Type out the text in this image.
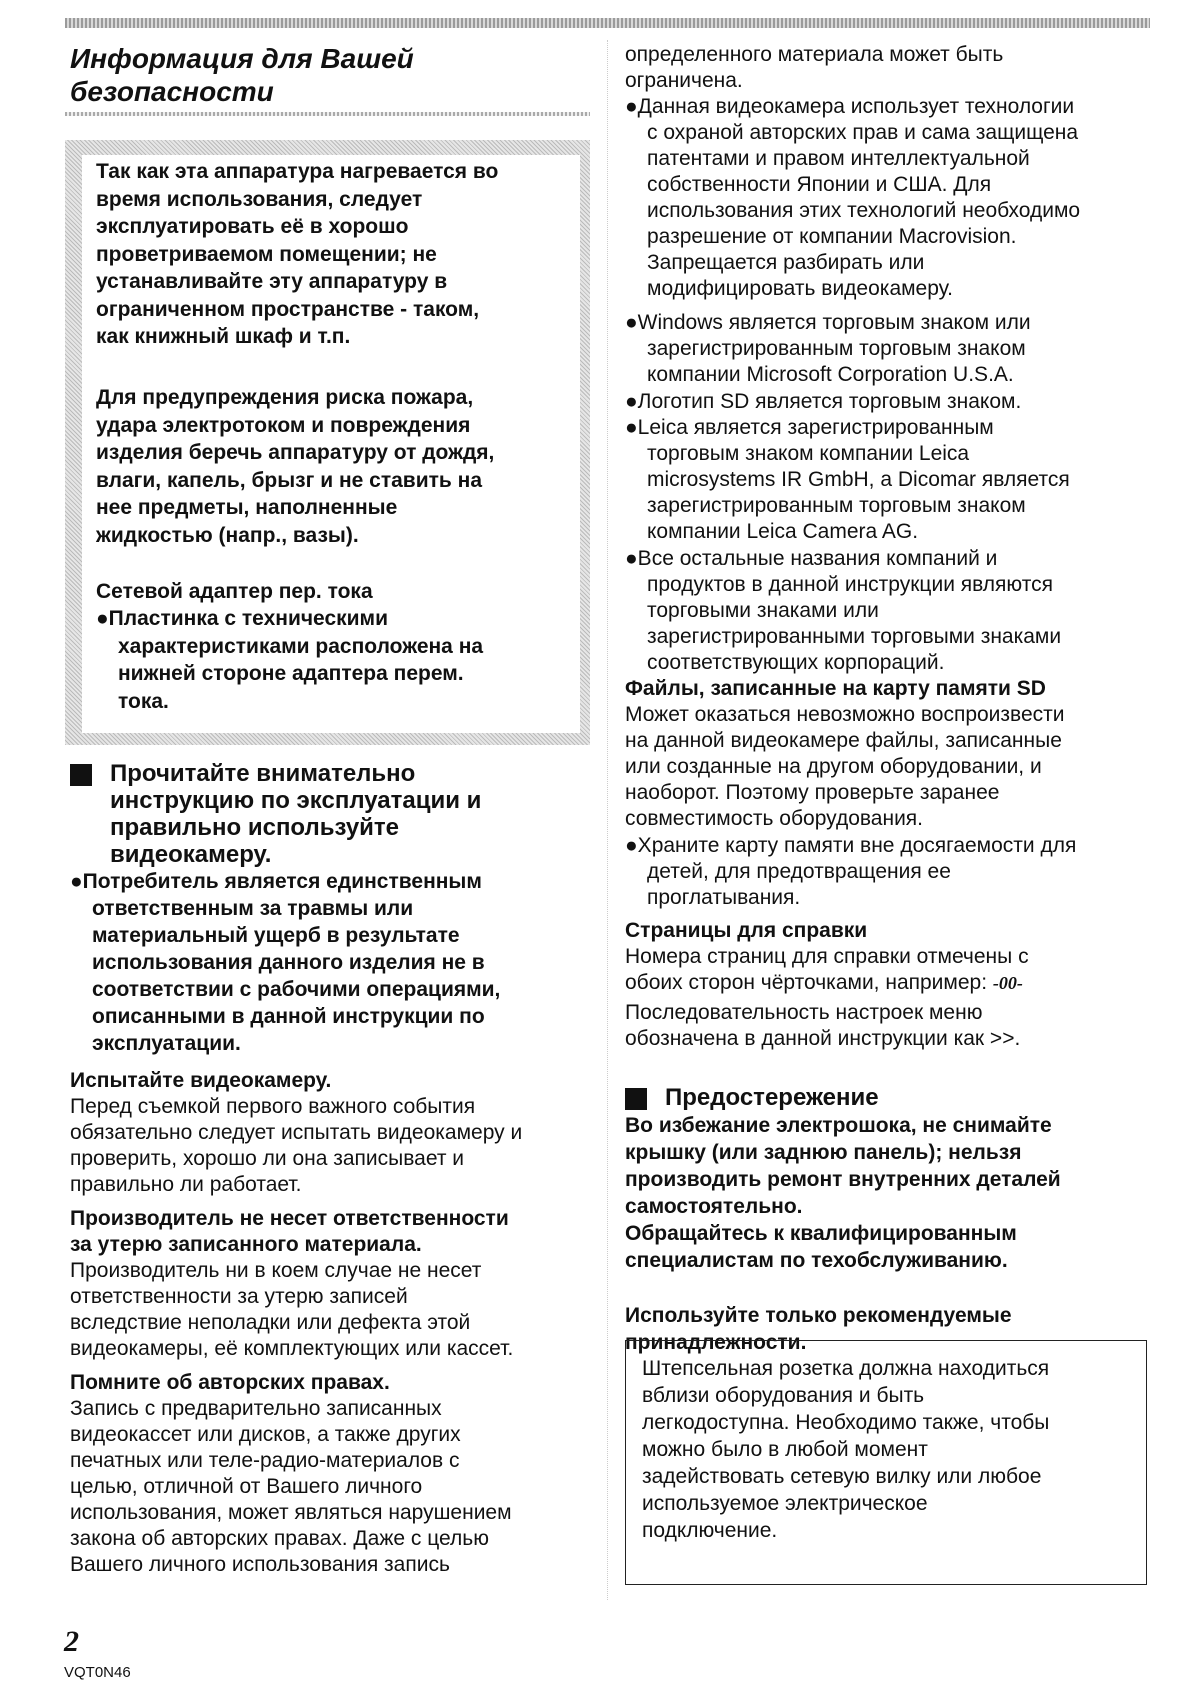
Информация для Вашей
безопасности
Так как эта аппаратура нагревается во
время использования, следует
эксплуатировать её в хорошо
проветриваемом помещении; не
устанавливайте эту аппаратуру в
ограниченном пространстве - таком,
как книжный шкаф и т.п.
Для предупреждения риска пожара,
удара электротоком и повреждения
изделия беречь аппаратуру от дождя,
влаги, капель, брызг и не ставить на
нее предметы, наполненные
жидкостью (напр., вазы).
Сетевой адаптер пер. тока
●Пластинка с техническими
характеристиками расположена на
нижней стороне адаптера перем.
тока.
Прочитайте внимательно
инструкцию по эксплуатации и
правильно используйте
видеокамеру.
●Потребитель является единственным
ответственным за травмы или
материальный ущерб в результате
использования данного изделия не в
соответствии с рабочими операциями,
описанными в данной инструкции по
эксплуатации.
Испытайте видеокамеру.
Перед съемкой первого важного события
обязательно следует испытать видеокамеру и
проверить, хорошо ли она записывает и
правильно ли работает.
Производитель не несет ответственности
за утерю записанного материала.
Производитель ни в коем случае не несет
ответственности за утерю записей
вследствие неполадки или дефекта этой
видеокамеры, её комплектующих или кассет.
Помните об авторских правах.
Запись с предварительно записанных
видеокассет или дисков, а также других
печатных или теле-радио-материалов с
целью, отличной от Вашего личного
использования, может являться нарушением
закона об авторских правах. Даже с целью
Вашего личного использования запись
определенного материала может быть
ограничена.
●Данная видеокамера использует технологии
с охраной авторских прав и сама защищена
патентами и правом интеллектуальной
собственности Японии и США. Для
использования этих технологий необходимо
разрешение от компании Macrovision.
Запрещается разбирать или
модифицировать видеокамеру.
●Windows является торговым знаком или
зарегистрированным торговым знаком
компании Microsoft Corporation U.S.A.
●Логотип SD является торговым знаком.
●Leica является зарегистрированным
торговым знаком компании Leica
microsystems IR GmbH, а Dicomar является
зарегистрированным торговым знаком
компании Leica Camera AG.
●Все остальные названия компаний и
продуктов в данной инструкции являются
торговыми знаками или
зарегистрированными торговыми знаками
соответствующих корпораций.
Файлы, записанные на карту памяти SD
Может оказаться невозможно воспроизвести
на данной видеокамере файлы, записанные
или созданные на другом оборудовании, и
наоборот. Поэтому проверьте заранее
совместимость оборудования.
●Храните карту памяти вне досягаемости для
детей, для предотвращения ее
проглатывания.
Страницы для справки
Номера страниц для справки отмечены с
обоих сторон чёрточками, например: -00-
Последовательность настроек меню
обозначена в данной инструкции как >>.
Предостережение
Во избежание электрошока, не снимайте
крышку (или заднюю панель); нельзя
производить ремонт внутренних деталей
самостоятельно.
Обращайтесь к квалифицированным
специалистам по техобслуживанию.
Используйте только рекомендуемые
принадлежности.
Штепсельная розетка должна находиться
вблизи оборудования и быть
легкодоступна. Необходимо также, чтобы
можно было в любой момент
задействовать сетевую вилку или любое
используемое электрическое
подключение.
2
VQT0N46
